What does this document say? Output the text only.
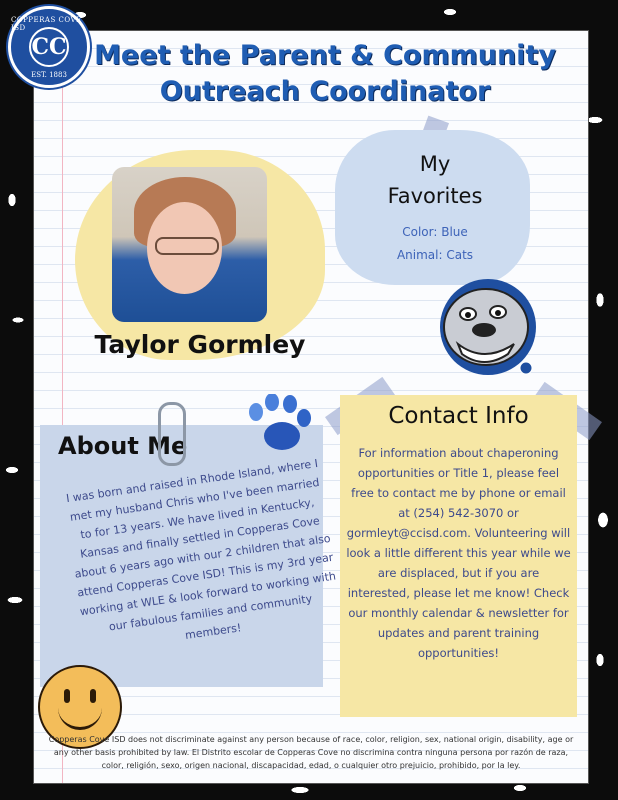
COPPERAS COVE ISD
CC
EST. 1883
Meet the Parent & Community
Outreach Coordinator
Taylor Gormley
My
Favorites
Color: Blue
Animal: Cats
About Me
I was born and raised in Rhode Island, where I met my husband Chris who I've been married to for 13 years. We have lived in Kentucky, Kansas and finally settled in Copperas Cove about 6 years ago with our 2 children that also attend Copperas Cove ISD! This is my 3rd year working at WLE & look forward to working with our fabulous families and community members!
Contact Info
For information about chaperoning opportunities or Title 1, please feel free to contact me by phone or email at (254) 542-3070 or gormleyt@ccisd.com. Volunteering will look a little different this year while we are displaced, but if you are interested, please let me know! Check our monthly calendar & newsletter for updates and parent training opportunities!
Copperas Cove ISD does not discriminate against any person because of race, color, religion, sex, national origin, disability, age or any other basis prohibited by law. El Distrito escolar de Copperas Cove no discrimina contra ninguna persona por razón de raza, color, religión, sexo, origen nacional, discapacidad, edad, o cualquier otro prejuicio, prohibido, por la ley.
